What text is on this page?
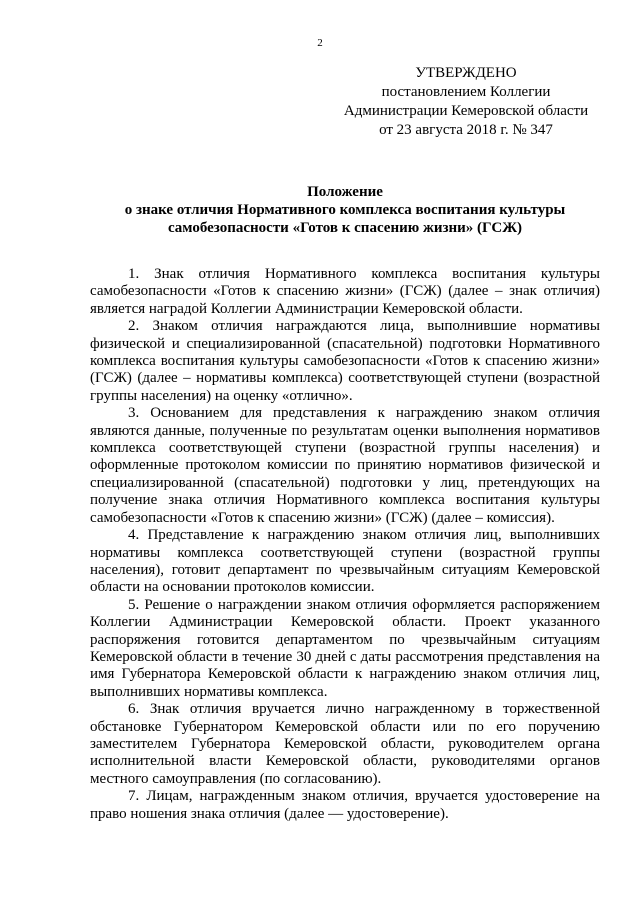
2
УТВЕРЖДЕНО
постановлением Коллегии
Администрации Кемеровской области
от 23 августа 2018 г. № 347
Положение
о знаке отличия Нормативного комплекса воспитания культуры
самобезопасности «Готов к спасению жизни» (ГСЖ)

1. Знак отличия Нормативного комплекса воспитания культуры самобезопасности «Готов к спасению жизни» (ГСЖ) (далее – знак отличия) является наградой Коллегии Администрации Кемеровской области.

2. Знаком отличия награждаются лица, выполнившие нормативы физической и специализированной (спасательной) подготовки Нормативного комплекса воспитания культуры самобезопасности «Готов к спасению жизни» (ГСЖ) (далее – нормативы комплекса) соответствующей ступени (возрастной группы населения) на оценку «отлично».

3. Основанием для представления к награждению знаком отличия являются данные, полученные по результатам оценки выполнения нормативов комплекса соответствующей ступени (возрастной группы населения) и оформленные протоколом комиссии по принятию нормативов физической и специализированной (спасательной) подготовки у лиц, претендующих на получение знака отличия Нормативного комплекса воспитания культуры самобезопасности «Готов к спасению жизни» (ГСЖ) (далее – комиссия).

4. Представление к награждению знаком отличия лиц, выполнивших нормативы комплекса соответствующей ступени (возрастной группы населения), готовит департамент по чрезвычайным ситуациям Кемеровской области на основании протоколов комиссии.

5. Решение о награждении знаком отличия оформляется распоряжением Коллегии Администрации Кемеровской области. Проект указанного распоряжения готовится департаментом по чрезвычайным ситуациям Кемеровской области в течение 30 дней с даты рассмотрения представления на имя Губернатора Кемеровской области к награждению знаком отличия лиц, выполнивших нормативы комплекса.

6. Знак отличия вручается лично награжденному в торжественной обстановке Губернатором Кемеровской области или по его поручению заместителем Губернатора Кемеровской области, руководителем органа исполнительной власти Кемеровской области, руководителями органов местного самоуправления (по согласованию).

7. Лицам, награжденным знаком отличия, вручается удостоверение на право ношения знака отличия (далее — удостоверение).
